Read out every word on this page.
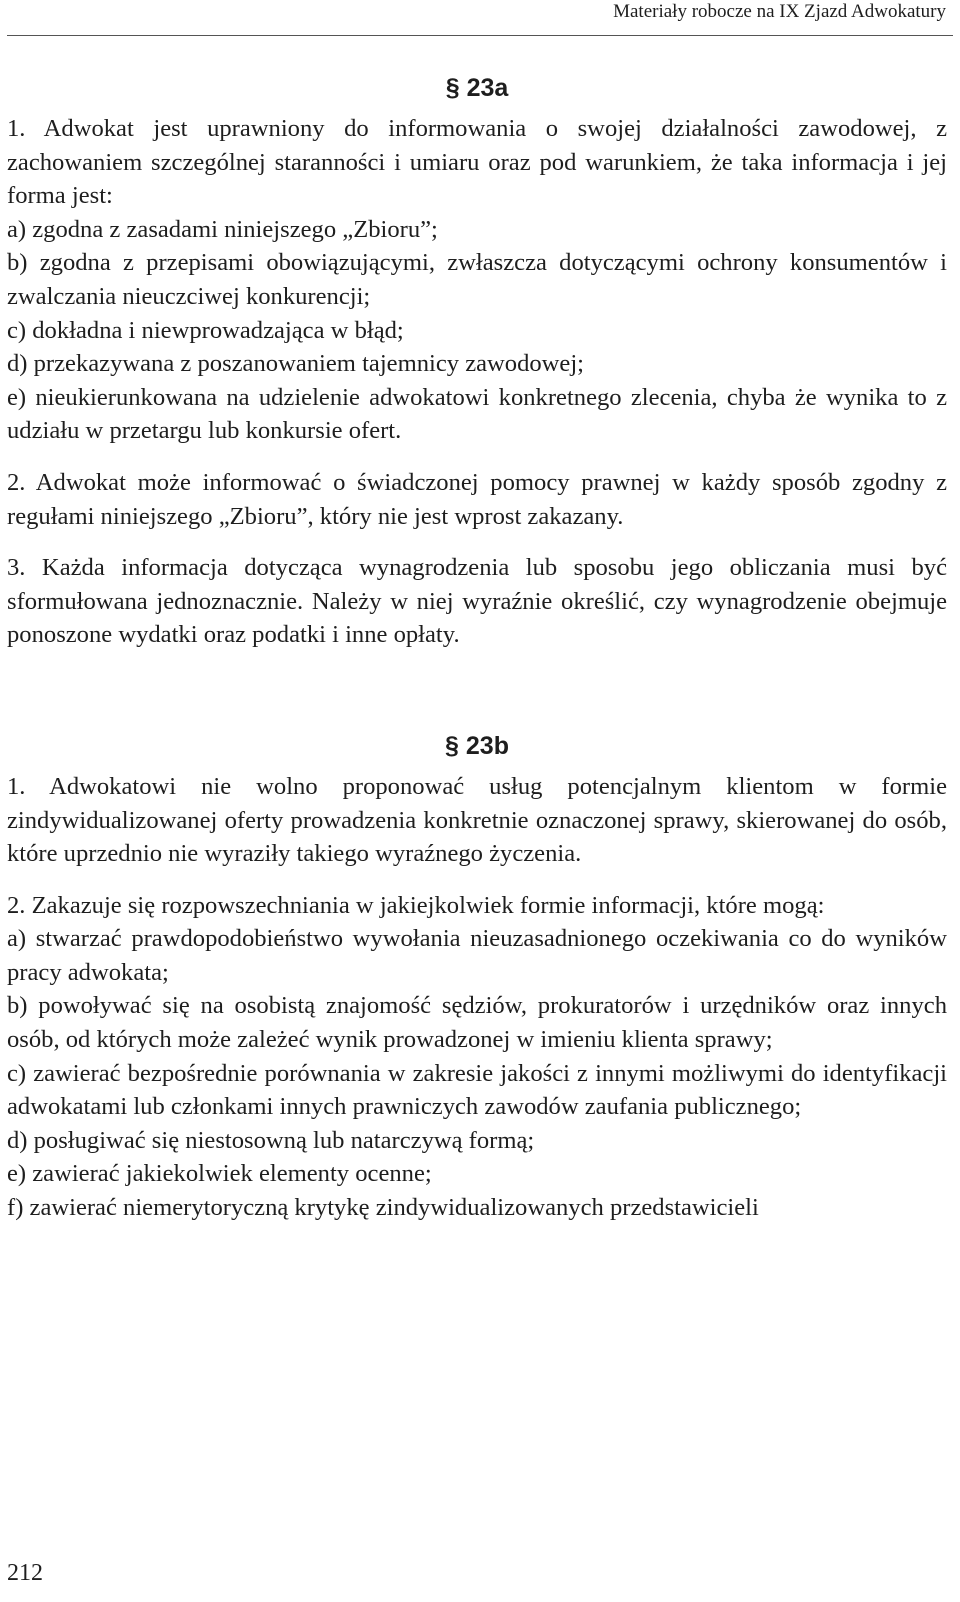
Materiały robocze na IX Zjazd Adwokatury
§ 23a

1. Adwokat jest uprawniony do informowania o swojej działalności zawodowej, z zachowaniem szczególnej staranności i umiaru oraz pod warunkiem, że taka informacja i jej forma jest:

a) zgodna z zasadami niniejszego „Zbioru”;

b) zgodna z przepisami obowiązującymi, zwłaszcza dotyczącymi ochrony konsumentów i zwalczania nieuczciwej konkurencji;

c) dokładna i niewprowadzająca w błąd;

d) przekazywana z poszanowaniem tajemnicy zawodowej;

e) nieukierunkowana na udzielenie adwokatowi konkretnego zlecenia, chyba że wynika to z udziału w przetargu lub konkursie ofert.

2. Adwokat może informować o świadczonej pomocy prawnej w każdy sposób zgodny z regułami niniejszego „Zbioru”, który nie jest wprost zakazany.

3. Każda informacja dotycząca wynagrodzenia lub sposobu jego obliczania musi być sformułowana jednoznacznie. Należy w niej wyraźnie określić, czy wynagrodzenie obejmuje ponoszone wydatki oraz podatki i inne opłaty.

§ 23b

1. Adwokatowi nie wolno proponować usług potencjalnym klientom w formie zindywidualizowanej oferty prowadzenia konkretnie oznaczonej sprawy, skierowanej do osób, które uprzednio nie wyraziły takiego wyraźnego życzenia.

2. Zakazuje się rozpowszechniania w jakiejkolwiek formie informacji, które mogą:

a) stwarzać prawdopodobieństwo wywołania nieuzasadnionego oczekiwania co do wyników pracy adwokata;

b) powoływać się na osobistą znajomość sędziów, prokuratorów i urzędników oraz innych osób, od których może zależeć wynik prowadzonej w imieniu klienta sprawy;

c) zawierać bezpośrednie porównania w zakresie jakości z innymi możliwymi do identyfikacji adwokatami lub członkami innych prawniczych zawodów zaufania publicznego;

d) posługiwać się niestosowną lub natarczywą formą;

e) zawierać jakiekolwiek elementy ocenne;

f) zawierać niemerytoryczną krytykę zindywidualizowanych przedstawicieli

212
